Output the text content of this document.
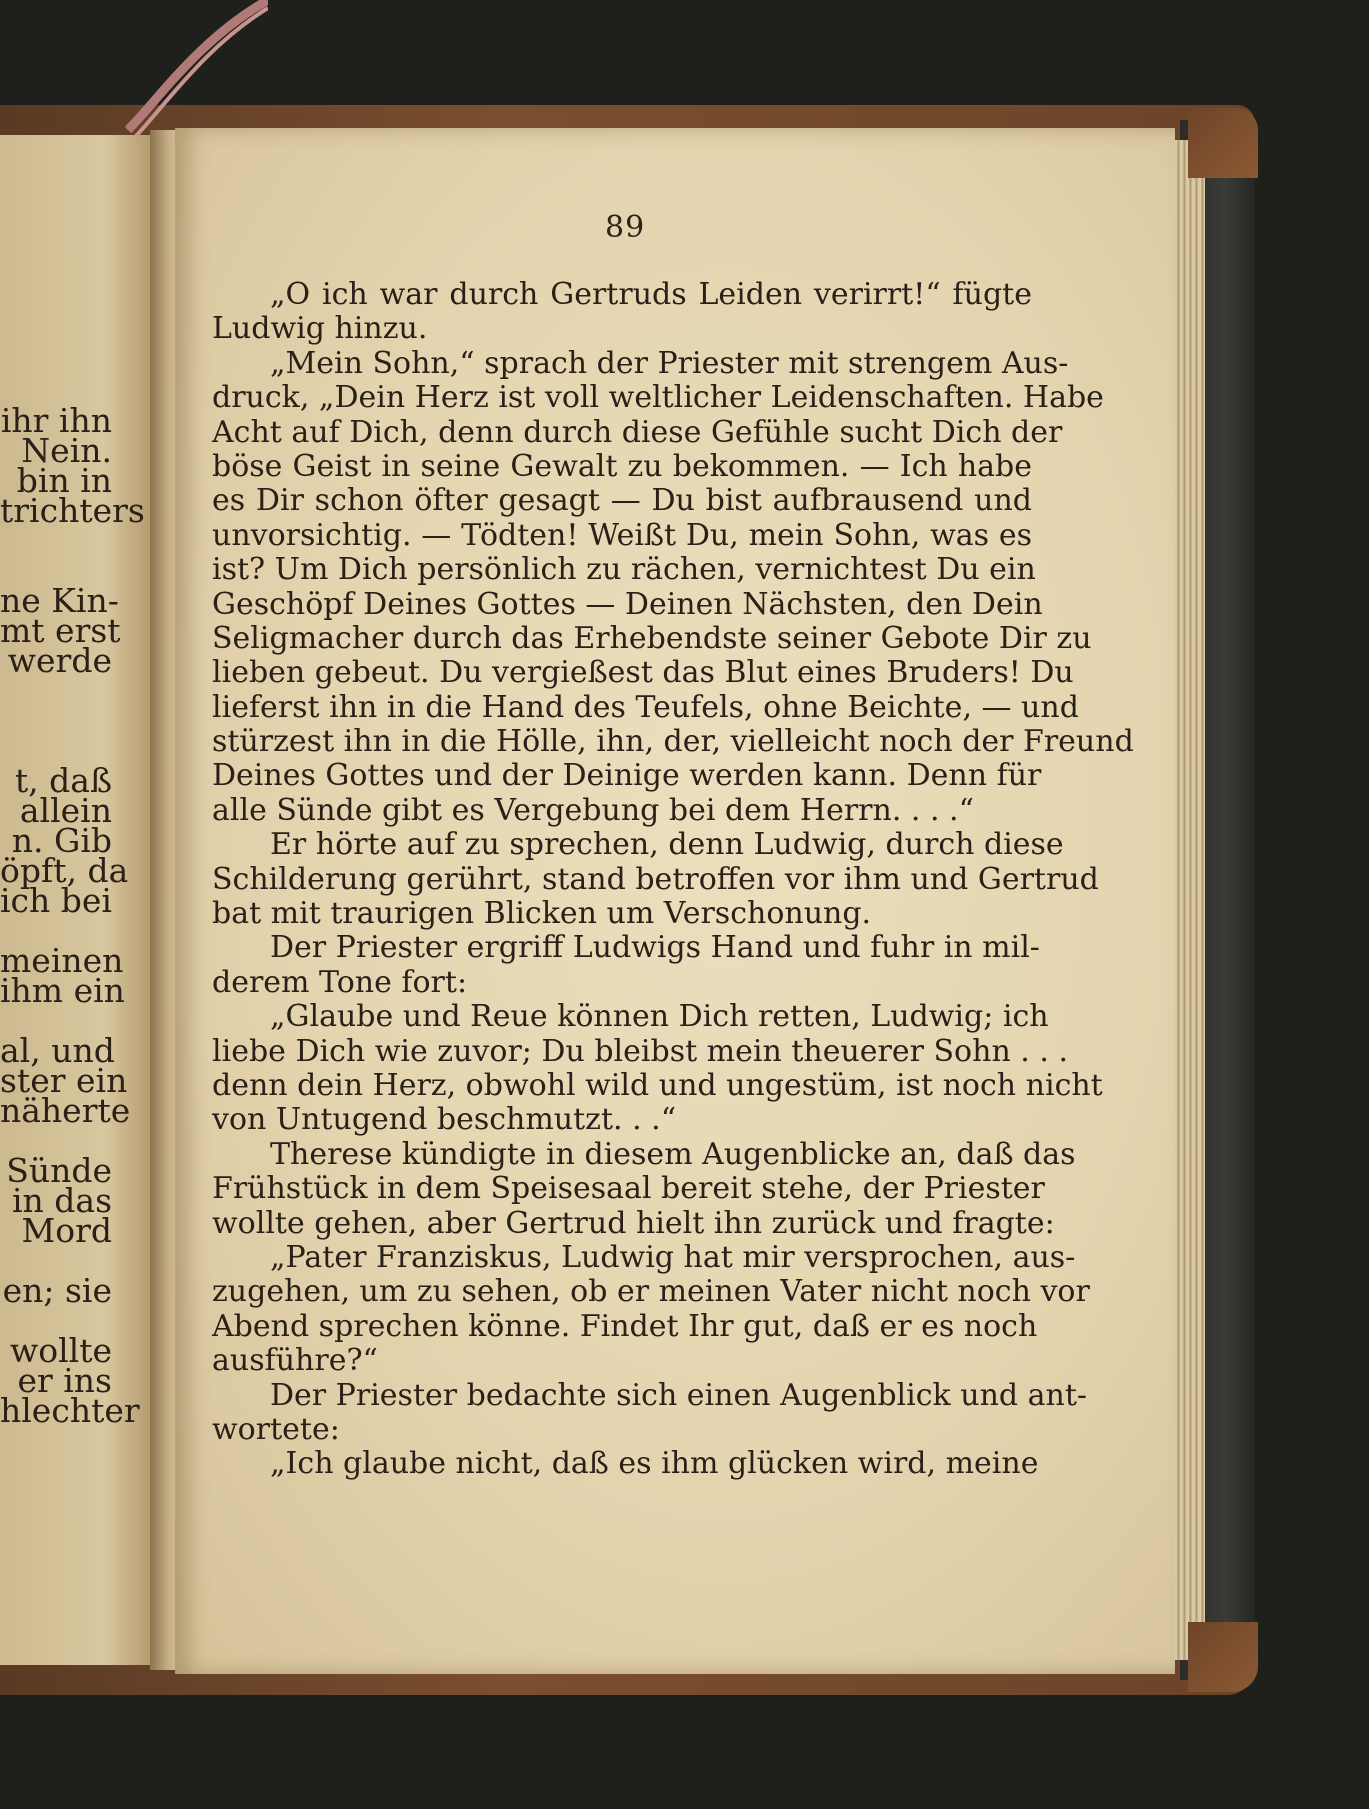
ihr ihn
Nein.
bin in
trichters
ne Kin-
mt erst
werde
t, daß
allein
n. Gib
öpft, da
ich bei
meinen
ihm ein
al, und
ster ein
näherte
Sünde
in das
Mord
en; sie
wollte
er ins
hlechter
89
„O ich war durch Gertruds Leiden verirrt!“ fügte
Ludwig hinzu.
„Mein Sohn,“ sprach der Priester mit strengem Aus-
druck, „Dein Herz ist voll weltlicher Leidenschaften. Habe
Acht auf Dich, denn durch diese Gefühle sucht Dich der
böse Geist in seine Gewalt zu bekommen. — Ich habe
es Dir schon öfter gesagt — Du bist aufbrausend und
unvorsichtig. — Tödten! Weißt Du, mein Sohn, was es
ist? Um Dich persönlich zu rächen, vernichtest Du ein
Geschöpf Deines Gottes — Deinen Nächsten, den Dein
Seligmacher durch das Erhebendste seiner Gebote Dir zu
lieben gebeut. Du vergießest das Blut eines Bruders! Du
lieferst ihn in die Hand des Teufels, ohne Beichte, — und
stürzest ihn in die Hölle, ihn, der, vielleicht noch der Freund
Deines Gottes und der Deinige werden kann. Denn für
alle Sünde gibt es Vergebung bei dem Herrn. . . .“
Er hörte auf zu sprechen, denn Ludwig, durch diese
Schilderung gerührt, stand betroffen vor ihm und Gertrud
bat mit traurigen Blicken um Verschonung.
Der Priester ergriff Ludwigs Hand und fuhr in mil-
derem Tone fort:
„Glaube und Reue können Dich retten, Ludwig; ich
liebe Dich wie zuvor; Du bleibst mein theuerer Sohn . . .
denn dein Herz, obwohl wild und ungestüm, ist noch nicht
von Untugend beschmutzt. . .“
Therese kündigte in diesem Augenblicke an, daß das
Frühstück in dem Speisesaal bereit stehe, der Priester
wollte gehen, aber Gertrud hielt ihn zurück und fragte:
„Pater Franziskus, Ludwig hat mir versprochen, aus-
zugehen, um zu sehen, ob er meinen Vater nicht noch vor
Abend sprechen könne. Findet Ihr gut, daß er es noch
ausführe?“
Der Priester bedachte sich einen Augenblick und ant-
wortete:
„Ich glaube nicht, daß es ihm glücken wird, meine
